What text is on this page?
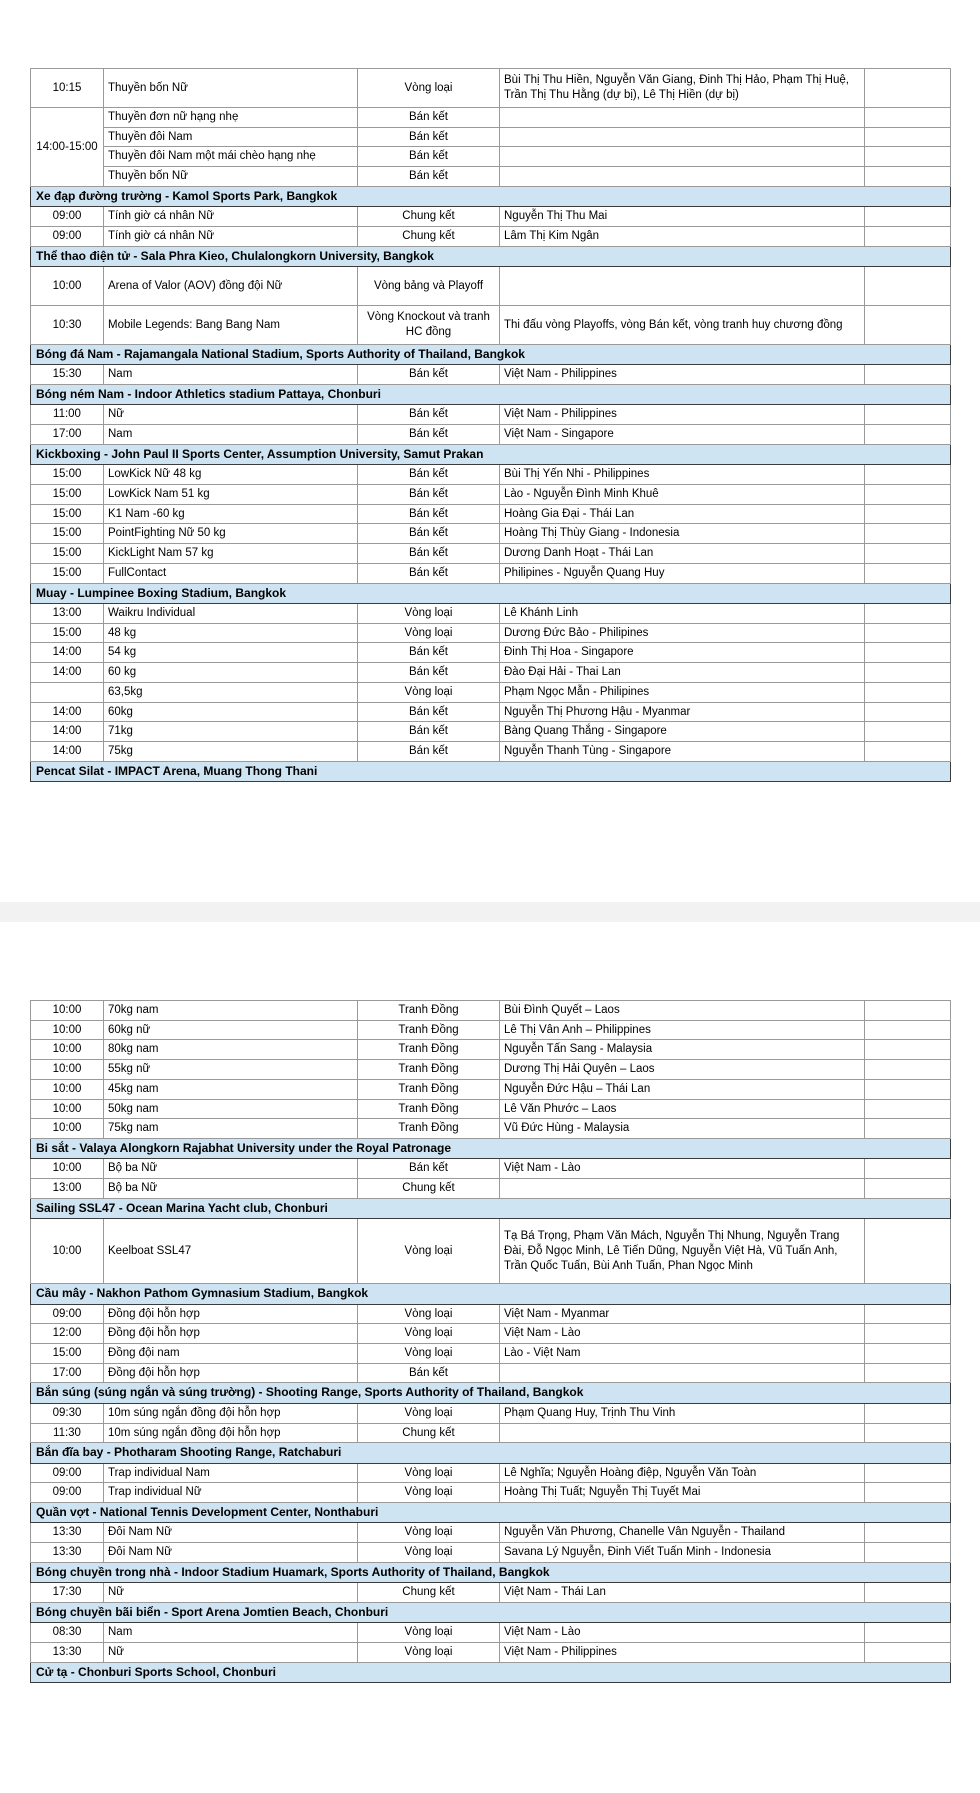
10:15	Thuyền bốn Nữ	Vòng loại	Bùi Thị Thu Hiền, Nguyễn Văn Giang, Đinh Thị Hảo, Phạm Thị Huệ, Trần Thị Thu Hằng (dự bị), Lê Thị Hiền (dự bị)	
14:00-15:00	Thuyền đơn nữ hạng nhẹ	Bán kết		
	Thuyền đôi Nam	Bán kết		
	Thuyền đôi Nam một mái chèo hạng nhẹ	Bán kết		
	Thuyền bốn Nữ	Bán kết		
Xe đạp đường trường - Kamol Sports Park, Bangkok				
09:00	Tính giờ cá nhân Nữ	Chung kết	Nguyễn Thị Thu Mai	
09:00	Tính giờ cá nhân Nữ	Chung kết	Lâm Thị Kim Ngân	
Thể thao điện tử - Sala Phra Kieo, Chulalongkorn University, Bangkok				
10:00	Arena of Valor (AOV) đồng đội Nữ	Vòng bảng và Playoff		
10:30	Mobile Legends: Bang Bang Nam	Vòng Knockout và tranh HC đồng	Thi đấu vòng Playoffs, vòng Bán kết, vòng tranh huy chương đồng	
Bóng đá Nam - Rajamangala National Stadium, Sports Authority of Thailand, Bangkok				
15:30	Nam	Bán kết	Việt Nam - Philippines	
Bóng ném Nam - Indoor Athletics stadium Pattaya, Chonburi				
11:00	Nữ	Bán kết	Việt Nam - Philippines	
17:00	Nam	Bán kết	Việt Nam - Singapore	
Kickboxing - John Paul II Sports Center, Assumption University, Samut Prakan				
15:00	LowKick Nữ 48 kg	Bán kết	Bùi Thị Yến Nhi - Philippines	
15:00	LowKick Nam 51 kg	Bán kết	Lào - Nguyễn Đình Minh Khuê	
15:00	K1 Nam -60 kg	Bán kết	Hoàng Gia Đại - Thái Lan	
15:00	PointFighting Nữ 50 kg	Bán kết	Hoàng Thị Thùy Giang - Indonesia	
15:00	KickLight Nam 57 kg	Bán kết	Dương Danh Hoạt - Thái Lan	
15:00	FullContact	Bán kết	Philipines - Nguyễn Quang Huy	
Muay - Lumpinee Boxing Stadium, Bangkok				
13:00	Waikru Individual	Vòng loại	Lê Khánh Linh	
15:00	48 kg	Vòng loại	Dương Đức Bảo - Philipines	
14:00	54 kg	Bán kết	Đinh Thị Hoa - Singapore	
14:00	60 kg	Bán kết	Đào Đại Hải - Thai Lan	
	63,5kg	Vòng loại	Phạm Ngọc Mẫn - Philipines	
14:00	60kg	Bán kết	Nguyễn Thị Phương Hậu - Myanmar	
14:00	71kg	Bán kết	Bàng Quang Thắng - Singapore	
14:00	75kg	Bán kết	Nguyễn Thanh Tùng - Singapore	
Pencat Silat - IMPACT Arena, Muang Thong Thani				
10:00	70kg nam	Tranh Đồng	Bùi Đình Quyết – Laos	
10:00	60kg nữ	Tranh Đồng	Lê Thị Vân Anh – Philippines	
10:00	80kg nam	Tranh Đồng	Nguyễn Tấn Sang - Malaysia	
10:00	55kg nữ	Tranh Đồng	Dương Thị Hải Quyên – Laos	
10:00	45kg nam	Tranh Đồng	Nguyễn Đức Hậu – Thái Lan	
10:00	50kg nam	Tranh Đồng	Lê Văn Phước – Laos	
10:00	75kg nam	Tranh Đồng	Vũ Đức Hùng - Malaysia	
Bi sắt - Valaya Alongkorn Rajabhat University under the Royal Patronage				
10:00	Bộ ba Nữ	Bán kết	Việt Nam - Lào	
13:00	Bộ ba Nữ	Chung kết		
Sailing SSL47 - Ocean Marina Yacht club, Chonburi				
10:00	Keelboat SSL47	Vòng loại	Tạ Bá Trọng, Phạm Văn Mách, Nguyễn Thị Nhung, Nguyễn Trang Đài, Đỗ Ngọc Minh, Lê Tiến Dũng, Nguyễn Việt Hà, Vũ Tuấn Anh, Trần Quốc Tuấn, Bùi Anh Tuấn, Phan Ngọc Minh	
Cầu mây - Nakhon Pathom Gymnasium Stadium, Bangkok				
09:00	Đồng đội hỗn hợp	Vòng loại	Việt Nam - Myanmar	
12:00	Đồng đội hỗn hợp	Vòng loại	Việt Nam - Lào	
15:00	Đồng đội nam	Vòng loại	Lào - Việt Nam	
17:00	Đồng đội hỗn hợp	Bán kết		
Bắn súng (súng ngắn và súng trường) - Shooting Range, Sports Authority of Thailand, Bangkok				
09:30	10m súng ngắn đồng đội hỗn hợp	Vòng loại	Phạm Quang Huy, Trịnh Thu Vinh	
11:30	10m súng ngắn đồng đội hỗn hợp	Chung kết		
Bắn đĩa bay - Photharam Shooting Range, Ratchaburi				
09:00	Trap individual Nam	Vòng loại	Lê Nghĩa; Nguyễn Hoàng điệp, Nguyễn Văn Toàn	
09:00	Trap individual Nữ	Vòng loại	Hoàng Thị Tuất; Nguyễn Thị Tuyết Mai	
Quần vợt - National Tennis Development Center, Nonthaburi				
13:30	Đôi Nam Nữ	Vòng loại	Nguyễn Văn Phương, Chanelle Vân Nguyễn - Thailand	
13:30	Đôi Nam Nữ	Vòng loại	Savana Lý Nguyễn, Đinh Viết Tuấn Minh - Indonesia	
Bóng chuyền trong nhà - Indoor Stadium Huamark, Sports Authority of Thailand, Bangkok				
17:30	Nữ	Chung kết	Việt Nam - Thái Lan	
Bóng chuyền bãi biển - Sport Arena Jomtien Beach, Chonburi				
08:30	Nam	Vòng loại	Việt Nam - Lào	
13:30	Nữ	Vòng loại	Việt Nam - Philippines	
Cử tạ - Chonburi Sports School, Chonburi				
